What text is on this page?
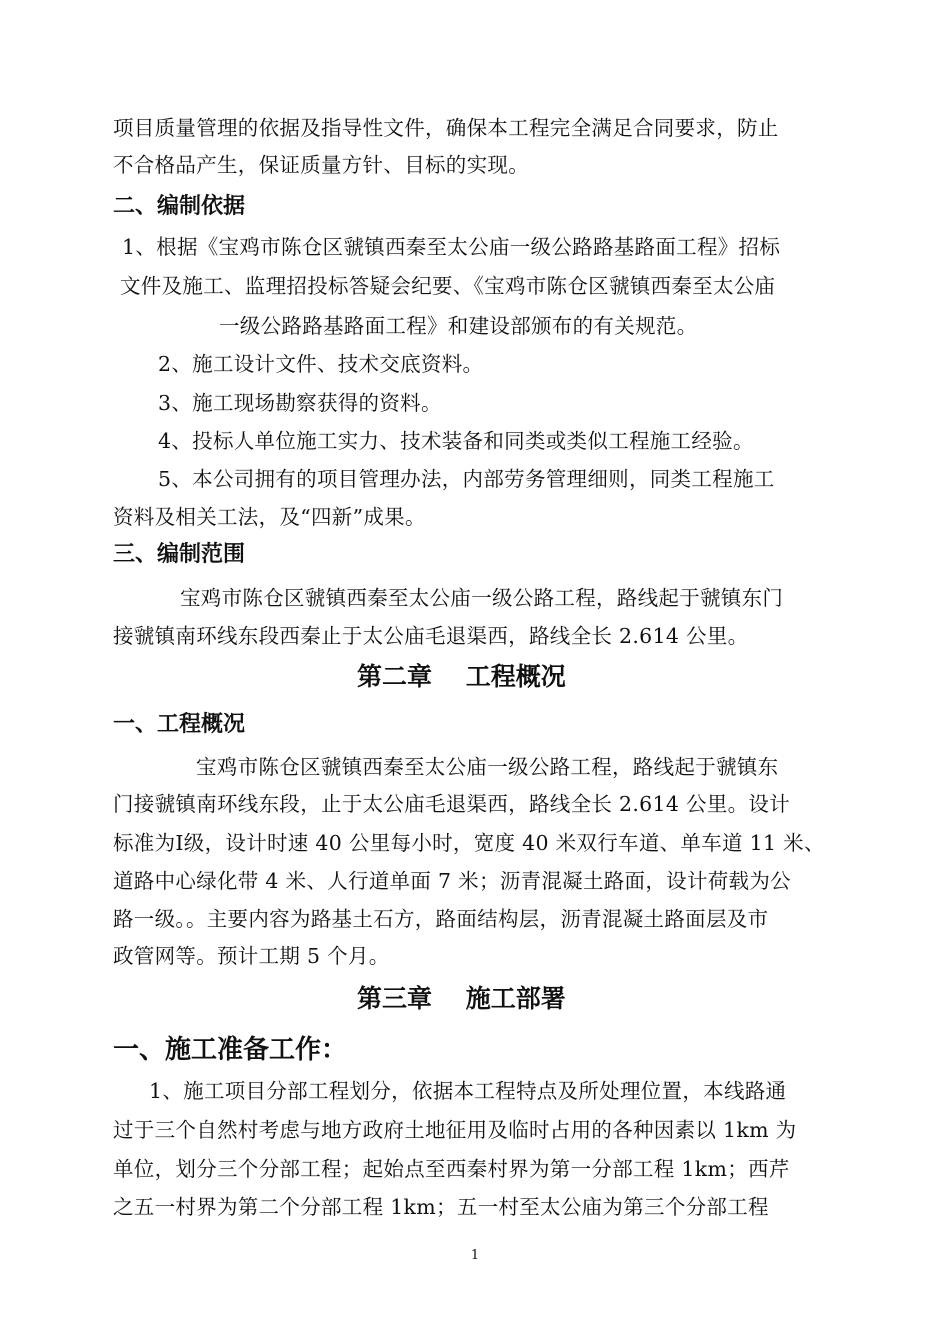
项目质量管理的依据及指导性文件，确保本工程完全满足合同要求，防止
不合格品产生，保证质量方针、目标的实现。
二、编制依据
1、根据《宝鸡市陈仓区虢镇西秦至太公庙一级公路路基路面工程》招标
文件及施工、监理招投标答疑会纪要、《宝鸡市陈仓区虢镇西秦至太公庙
一级公路路基路面工程》和建设部颁布的有关规范。
2、施工设计文件、技术交底资料。
3、施工现场勘察获得的资料。
4、投标人单位施工实力、技术装备和同类或类似工程施工经验。
5、本公司拥有的项目管理办法，内部劳务管理细则，同类工程施工
资料及相关工法，及“四新”成果。
三、编制范围
宝鸡市陈仓区虢镇西秦至太公庙一级公路工程，路线起于虢镇东门
接虢镇南环线东段西秦止于太公庙毛退渠西，路线全长 2.614 公里。
第二章　 工程概况
一、工程概况
宝鸡市陈仓区虢镇西秦至太公庙一级公路工程，路线起于虢镇东
门接虢镇南环线东段，止于太公庙毛退渠西，路线全长 2.614 公里。设计
标准为Ⅰ级，设计时速 40 公里每小时，宽度 40 米双行车道、单车道 11 米、
道路中心绿化带 4 米、人行道单面 7 米；沥青混凝土路面，设计荷载为公
路一级。。主要内容为路基土石方，路面结构层，沥青混凝土路面层及市
政管网等。预计工期 5 个月。
第三章　 施工部署
一、施工准备工作：
1、施工项目分部工程划分，依据本工程特点及所处理位置，本线路通
过于三个自然村考虑与地方政府土地征用及临时占用的各种因素以 1km 为
单位，划分三个分部工程；起始点至西秦村界为第一分部工程 1km；西芹
之五一村界为第二个分部工程 1km；五一村至太公庙为第三个分部工程
1
